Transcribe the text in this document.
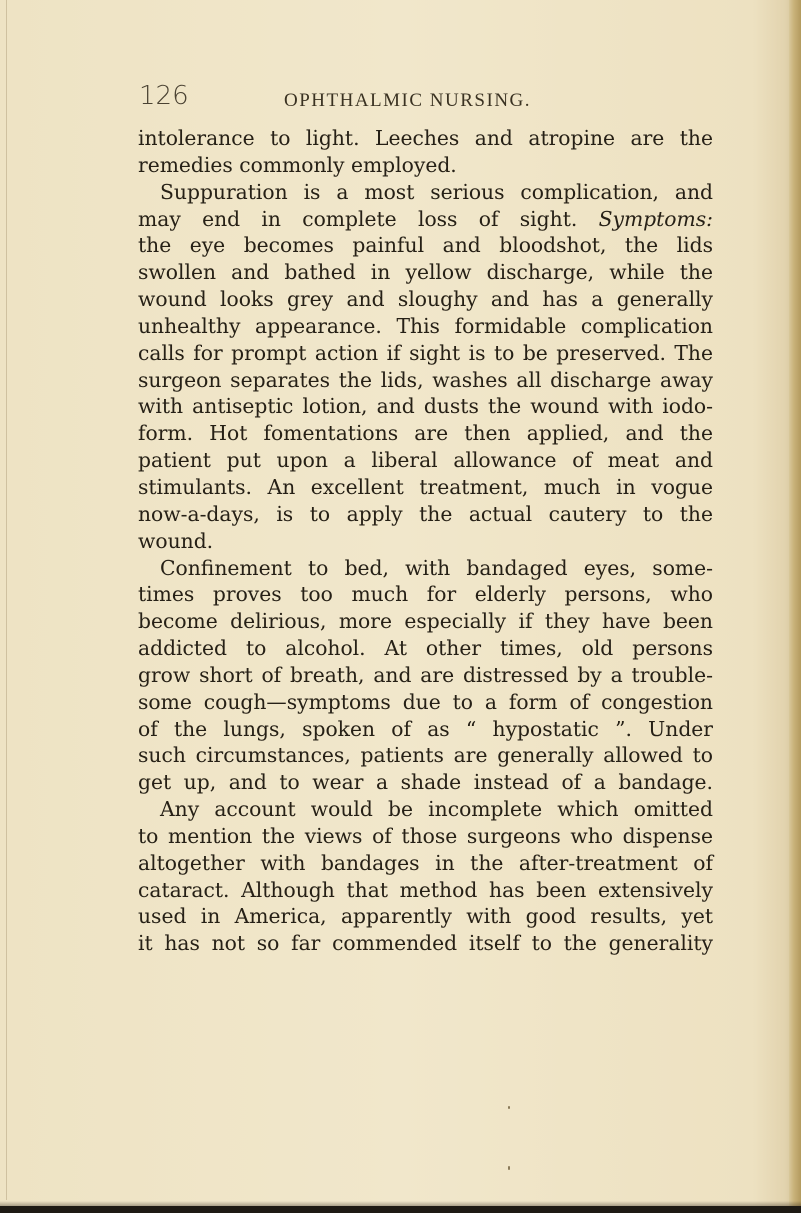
126	OPHTHALMIC NURSING.
intolerance to light. Leeches and atropine are the
remedies commonly employed.
Suppuration is a most serious complication, and
may end in complete loss of sight. Symptoms:
the eye becomes painful and bloodshot, the lids
swollen and bathed in yellow discharge, while the
wound looks grey and sloughy and has a generally
unhealthy appearance. This formidable complication
calls for prompt action if sight is to be preserved. The
surgeon separates the lids, washes all discharge away
with antiseptic lotion, and dusts the wound with iodo-
form. Hot fomentations are then applied, and the
patient put upon a liberal allowance of meat and
stimulants. An excellent treatment, much in vogue
now-a-days, is to apply the actual cautery to the
wound.
Confinement to bed, with bandaged eyes, some-
times proves too much for elderly persons, who
become delirious, more especially if they have been
addicted to alcohol. At other times, old persons
grow short of breath, and are distressed by a trouble-
some cough—symptoms due to a form of congestion
of the lungs, spoken of as “ hypostatic ”. Under
such circumstances, patients are generally allowed to
get up, and to wear a shade instead of a bandage.
Any account would be incomplete which omitted
to mention the views of those surgeons who dispense
altogether with bandages in the after-treatment of
cataract. Although that method has been extensively
used in America, apparently with good results, yet
it has not so far commended itself to the generality
